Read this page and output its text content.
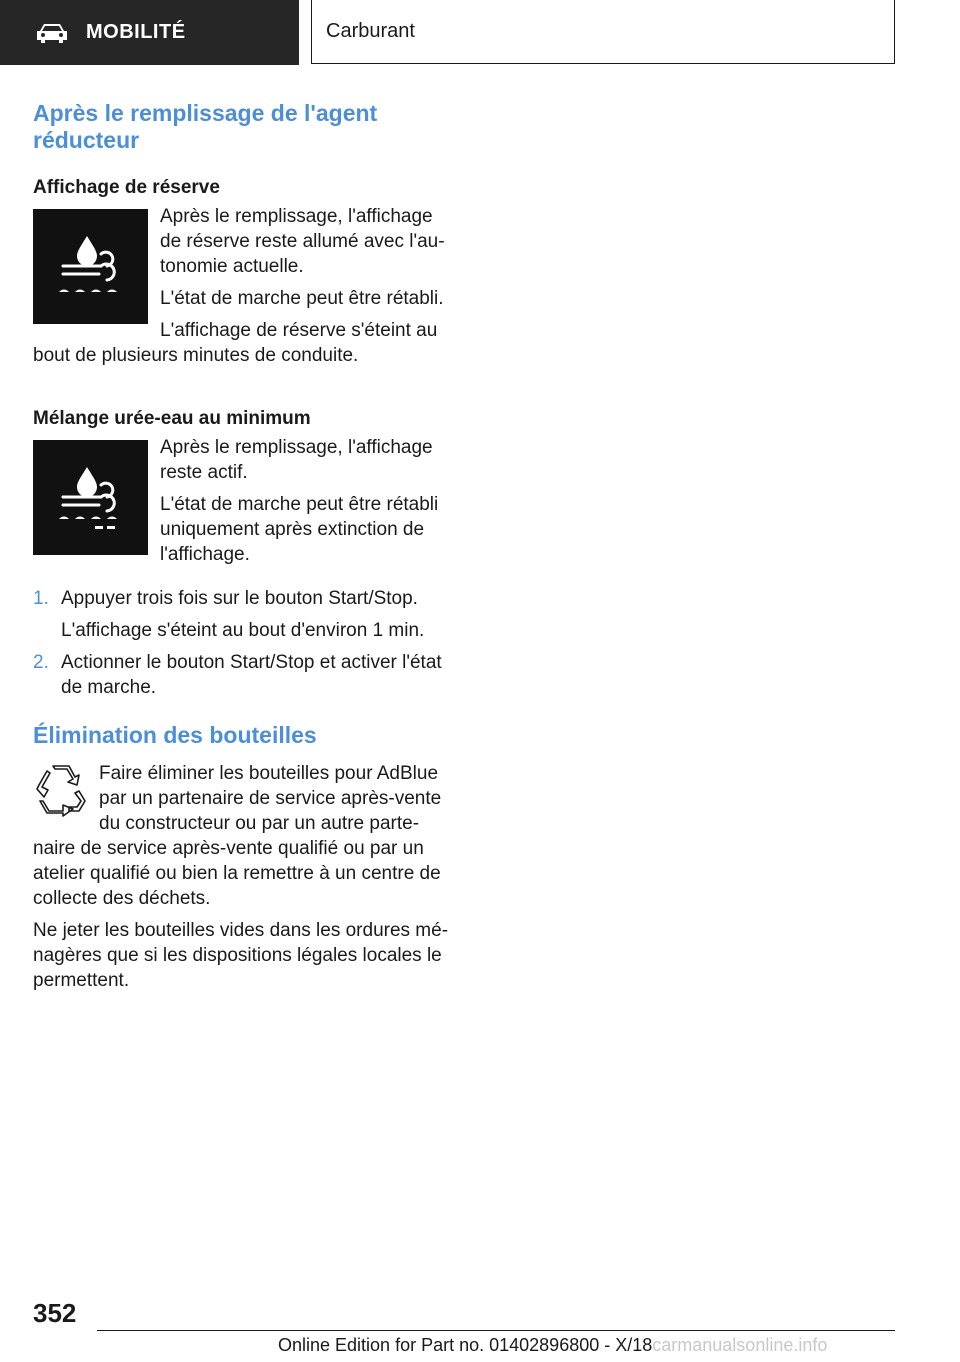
MOBILITÉ	Carburant
Après le remplissage de l'agent réducteur
Affichage de réserve
Après le remplissage, l'affichage de réserve reste allumé avec l'au-tonomie actuelle.
L'état de marche peut être rétabli.
L'affichage de réserve s'éteint au bout de plusieurs minutes de conduite.
Mélange urée-eau au minimum
Après le remplissage, l'affichage reste actif.
L'état de marche peut être rétabli uniquement après extinction de l'affichage.
1. Appuyer trois fois sur le bouton Start/Stop.
L'affichage s'éteint au bout d'environ 1 min.
2. Actionner le bouton Start/Stop et activer l'état de marche.
Élimination des bouteilles
Faire éliminer les bouteilles pour AdBlue par un partenaire de service après-vente du constructeur ou par un autre parte-naire de service après-vente qualifié ou par un atelier qualifié ou bien la remettre à un centre de collecte des déchets.
Ne jeter les bouteilles vides dans les ordures mé-nagères que si les dispositions légales locales le permettent.
352
Online Edition for Part no. 01402896800 - X/18carmanualsonline.info
